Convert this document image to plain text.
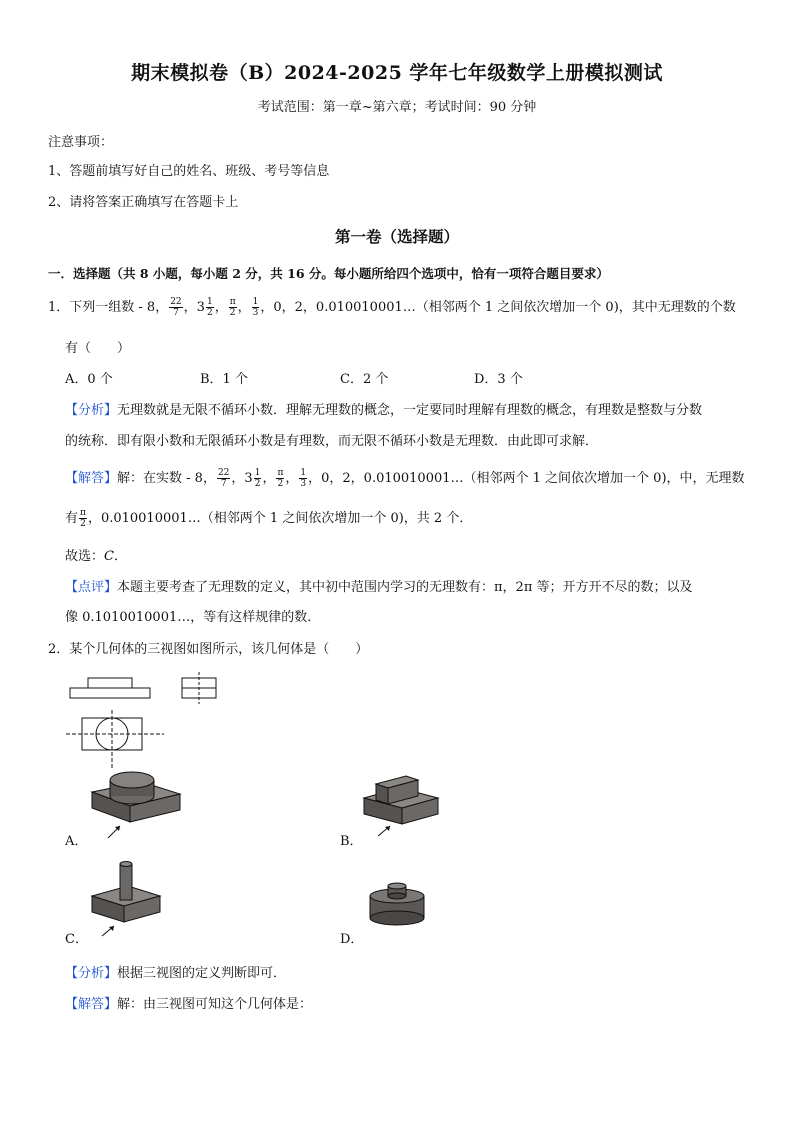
期末模拟卷（B）2024-2025 学年七年级数学上册模拟测试
考试范围：第一章~第六章；考试时间：90 分钟
注意事项：
1、答题前填写好自己的姓名、班级、考号等信息
2、请将答案正确填写在答题卡上
第一卷（选择题）
一．选择题（共 8 小题，每小题 2 分，共 16 分。每小题所给四个选项中，恰有一项符合题目要求）
1．下列一组数 - 8， $\frac{22}{7}$ ，$3 \frac{1}{2}$ ， $\frac{\pi}{2}$ ， $\frac{1}{3}$ ，0，2，0.010010001…（相邻两个 1 之间依次增加一个 0)，其中无理数的个数
有（　　）
A．0 个	B．1 个	C．2 个	D．3 个
【分析】无理数就是无限不循环小数．理解无理数的概念，一定要同时理解有理数的概念，有理数是整数与分数
的统称．即有限小数和无限循环小数是有理数，而无限不循环小数是无理数．由此即可求解．
【解答】解：在实数 - 8， $\frac{22}{7}$ ，$3 \frac{1}{2}$ ， $\frac{\pi}{2}$ ， $\frac{1}{3}$ ，0，2，0.010010001…（相邻两个 1 之间依次增加一个 0)，中，无理数
有 $\frac{\pi}{2}$ ，0.010010001…（相邻两个 1 之间依次增加一个 0)，共 2 个．
故选：C．
【点评】本题主要考查了无理数的定义，其中初中范围内学习的无理数有：π，2π 等；开方开不尽的数；以及
像 0.1010010001…，等有这样规律的数．
2．某个几何体的三视图如图所示，该几何体是（　　）
A．	B．
C．	D．
【分析】根据三视图的定义判断即可．
【解答】解：由三视图可知这个几何体是：
